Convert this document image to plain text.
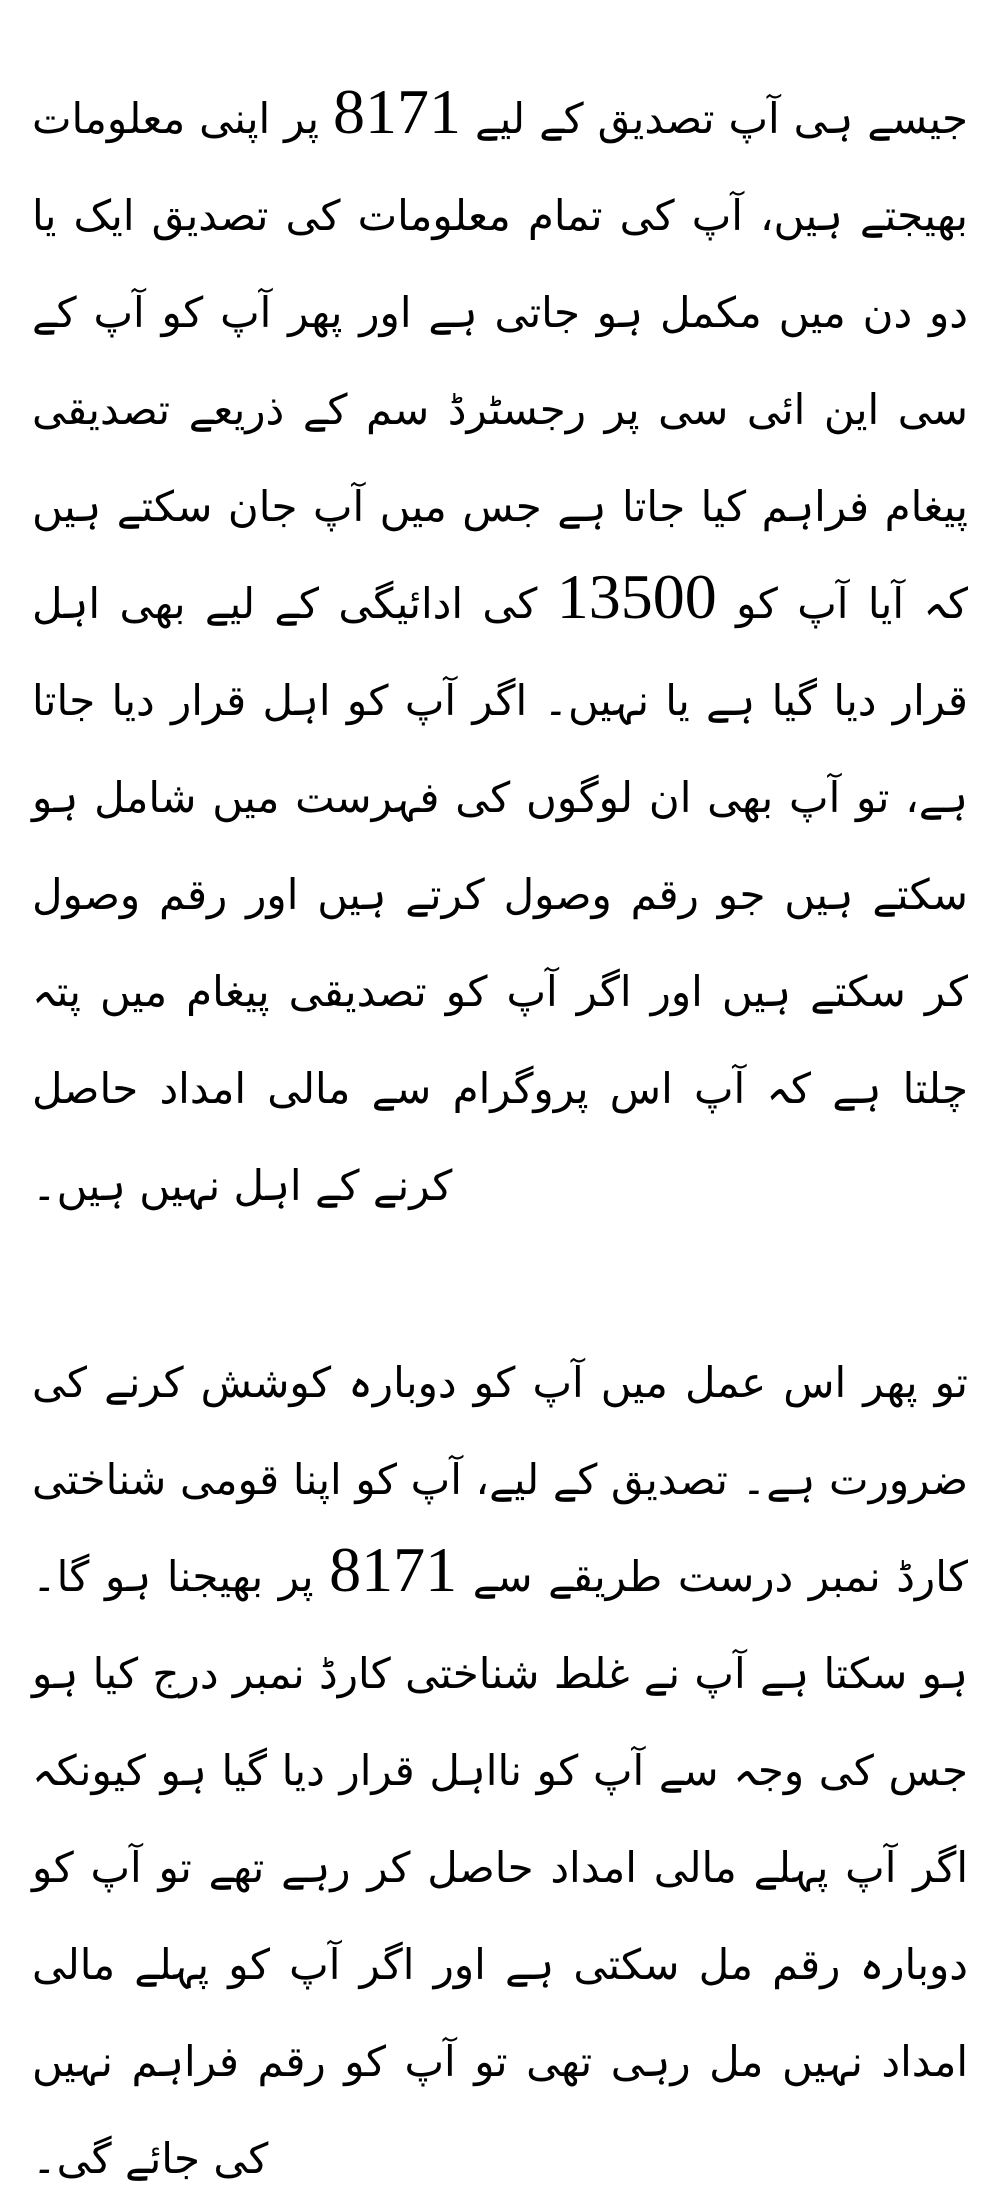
جیسے ہی آپ تصدیق کے لیے 8171 پر اپنی معلومات بھیجتے ہیں، آپ کی تمام معلومات کی تصدیق ایک یا دو دن میں مکمل ہو جاتی ہے اور پھر آپ کو آپ کے سی این ائی سی پر رجسٹرڈ سم کے ذریعے تصدیقی پیغام فراہم کیا جاتا ہے جس میں آپ جان سکتے ہیں کہ آیا آپ کو 13500 کی ادائیگی کے لیے بھی اہل قرار دیا گیا ہے یا نہیں۔ اگر آپ کو اہل قرار دیا جاتا ہے، تو آپ بھی ان لوگوں کی فہرست میں شامل ہو سکتے ہیں جو رقم وصول کرتے ہیں اور رقم وصول کر سکتے ہیں اور اگر آپ کو تصدیقی پیغام میں پتہ چلتا ہے کہ آپ اس پروگرام سے مالی امداد حاصل کرنے کے اہل نہیں ہیں۔

تو پھر اس عمل میں آپ کو دوبارہ کوشش کرنے کی ضرورت ہے۔ تصدیق کے لیے، آپ کو اپنا قومی شناختی کارڈ نمبر درست طریقے سے 8171 پر بھیجنا ہو گا۔ ہو سکتا ہے آپ نے غلط شناختی کارڈ نمبر درج کیا ہو جس کی وجہ سے آپ کو نااہل قرار دیا گیا ہو کیونکہ اگر آپ پہلے مالی امداد حاصل کر رہے تھے تو آپ کو دوبارہ رقم مل سکتی ہے اور اگر آپ کو پہلے مالی امداد نہیں مل رہی تھی تو آپ کو رقم فراہم نہیں کی جائے گی۔
